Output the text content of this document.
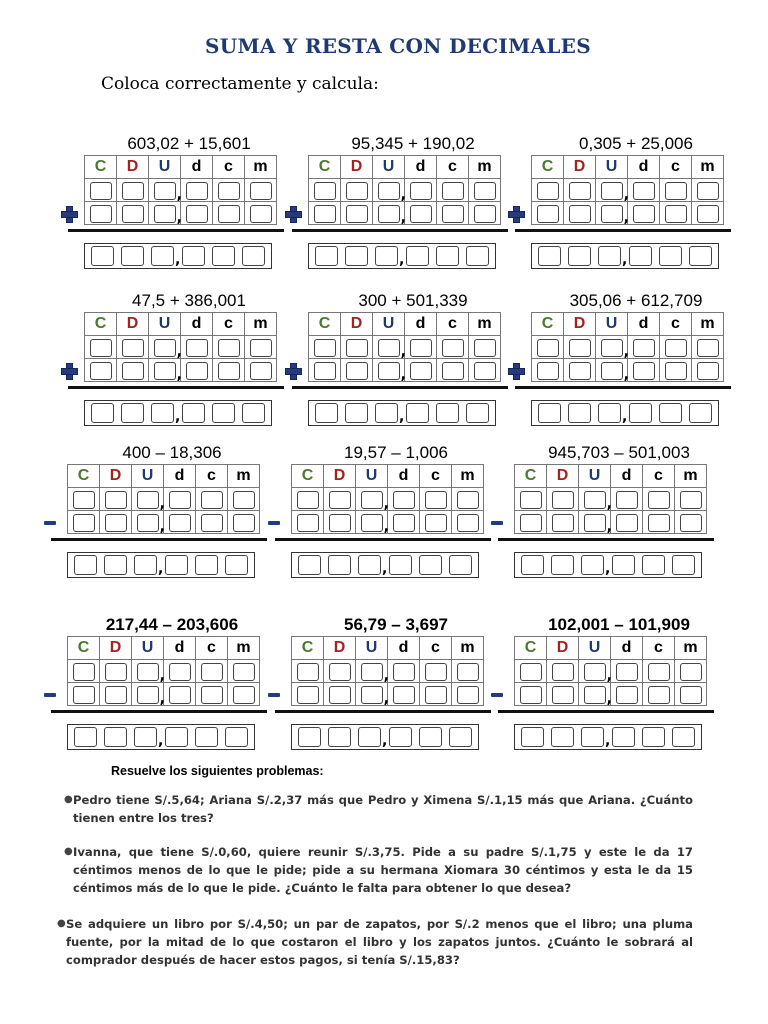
SUMA Y RESTA CON DECIMALES
Coloca correctamente y calcula:
603,02 + 15,601
C	D	U	d	c	m

		,			

		,			

,
95,345 + 190,02
C	D	U	d	c	m

		,			

		,			

,
0,305 + 25,006
C	D	U	d	c	m

		,			

		,			

,
47,5 + 386,001
C	D	U	d	c	m

		,			

		,			

,
300 + 501,339
C	D	U	d	c	m

		,			

		,			

,
305,06 + 612,709
C	D	U	d	c	m

		,			

		,			

,
400 – 18,306
C	D	U	d	c	m

		,			

		,			

,
19,57 – 1,006
C	D	U	d	c	m

		,			

		,			

,
945,703 – 501,003
C	D	U	d	c	m

		,			

		,			

,
217,44 – 203,606
C	D	U	d	c	m

		,			

		,			

,
56,79 – 3,697
C	D	U	d	c	m

		,			

		,			

,
102,001 – 101,909
C	D	U	d	c	m

		,			

		,			

,
Resuelve los siguientes problemas:
● Pedro tiene S/.5,64; Ariana S/.2,37 más que Pedro y Ximena S/.1,15 más que Ariana. ¿Cuánto tienen entre los tres?
● Ivanna, que tiene S/.0,60, quiere reunir S/.3,75. Pide a su padre S/.1,75 y este le da 17 céntimos menos de lo que le pide; pide a su hermana Xiomara 30 céntimos y esta le da 15 céntimos más de lo que le pide. ¿Cuánto le falta para obtener lo que desea?
● Se adquiere un libro por S/.4,50; un par de zapatos, por S/.2 menos que el libro; una pluma fuente, por la mitad de lo que costaron el libro y los zapatos juntos. ¿Cuánto le sobrará al comprador después de hacer estos pagos, si tenía S/.15,83?
